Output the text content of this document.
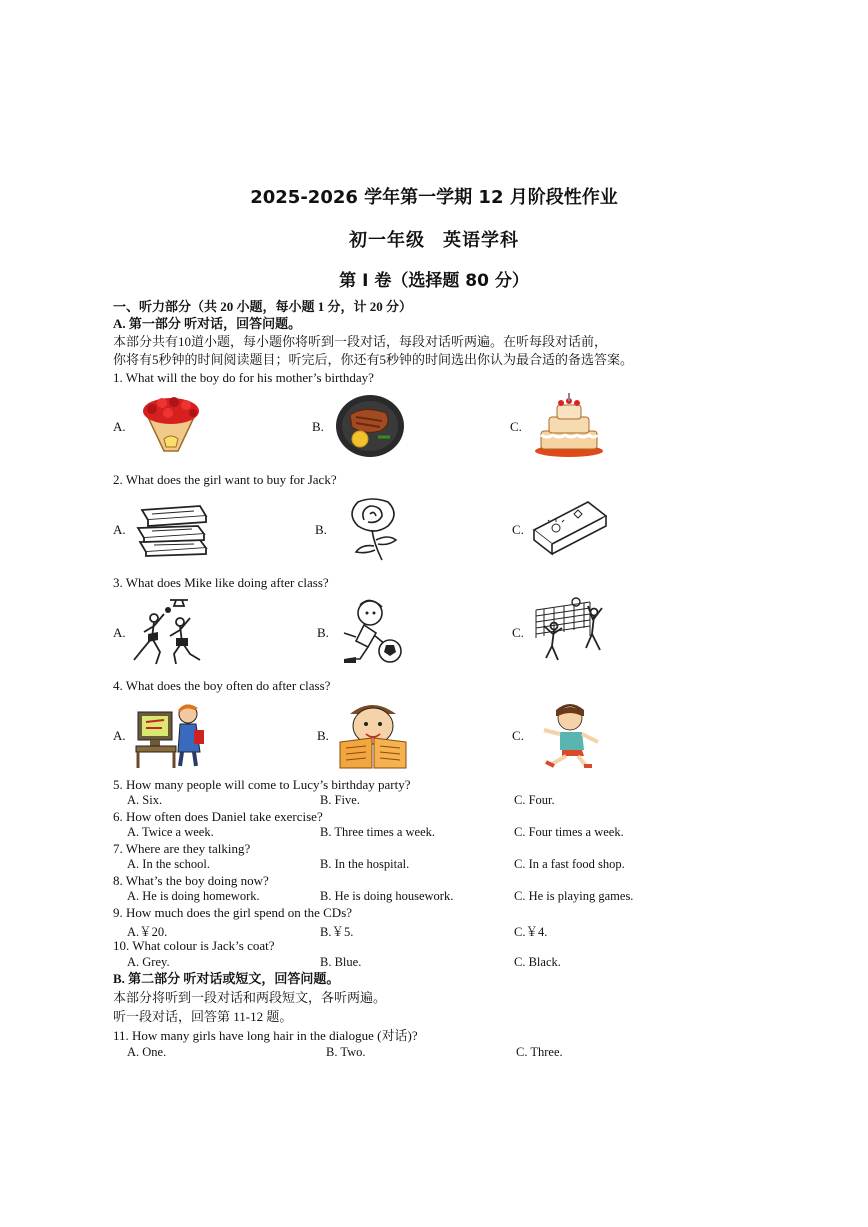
2025-2026 学年第一学期 12 月阶段性作业
初一年级 英语学科
第 I 卷（选择题 80 分）
一、听力部分（共 20 小题，每小题 1 分，计 20 分）
A. 第一部分 听对话，回答问题。
本部分共有10道小题，每小题你将听到一段对话，每段对话听两遍。在听每段对话前，
你将有5秒钟的时间阅读题目；听完后，你还有5秒钟的时间选出你认为最合适的备选答案。
1. What will the boy do for his mother’s birthday?
A.	B.	C.
2. What does the girl want to buy for Jack?
A.	B.	C.
3. What does Mike like doing after class?
A.	B.	C.
4. What does the boy often do after class?
A.	B.	C.
5. How many people will come to Lucy’s birthday party?
A. Six.	B. Five.	C. Four.
6. How often does Daniel take exercise?
A. Twice a week.	B. Three times a week.	C. Four times a week.
7. Where are they talking?
A. In the school.	B. In the hospital.	C. In a fast food shop.
8. What’s the boy doing now?
A. He is doing homework.	B. He is doing housework.	C. He is playing games.
9. How much does the girl spend on the CDs?
A.￥20.	B.￥5.	C.￥4.
10. What colour is Jack’s coat?
A. Grey.	B. Blue.	C. Black.
B. 第二部分 听对话或短文，回答问题。
本部分将听到一段对话和两段短文，各听两遍。
听一段对话，回答第 11-12 题。
11. How many girls have long hair in the dialogue (对话)?
A. One.	B. Two.	C. Three.
